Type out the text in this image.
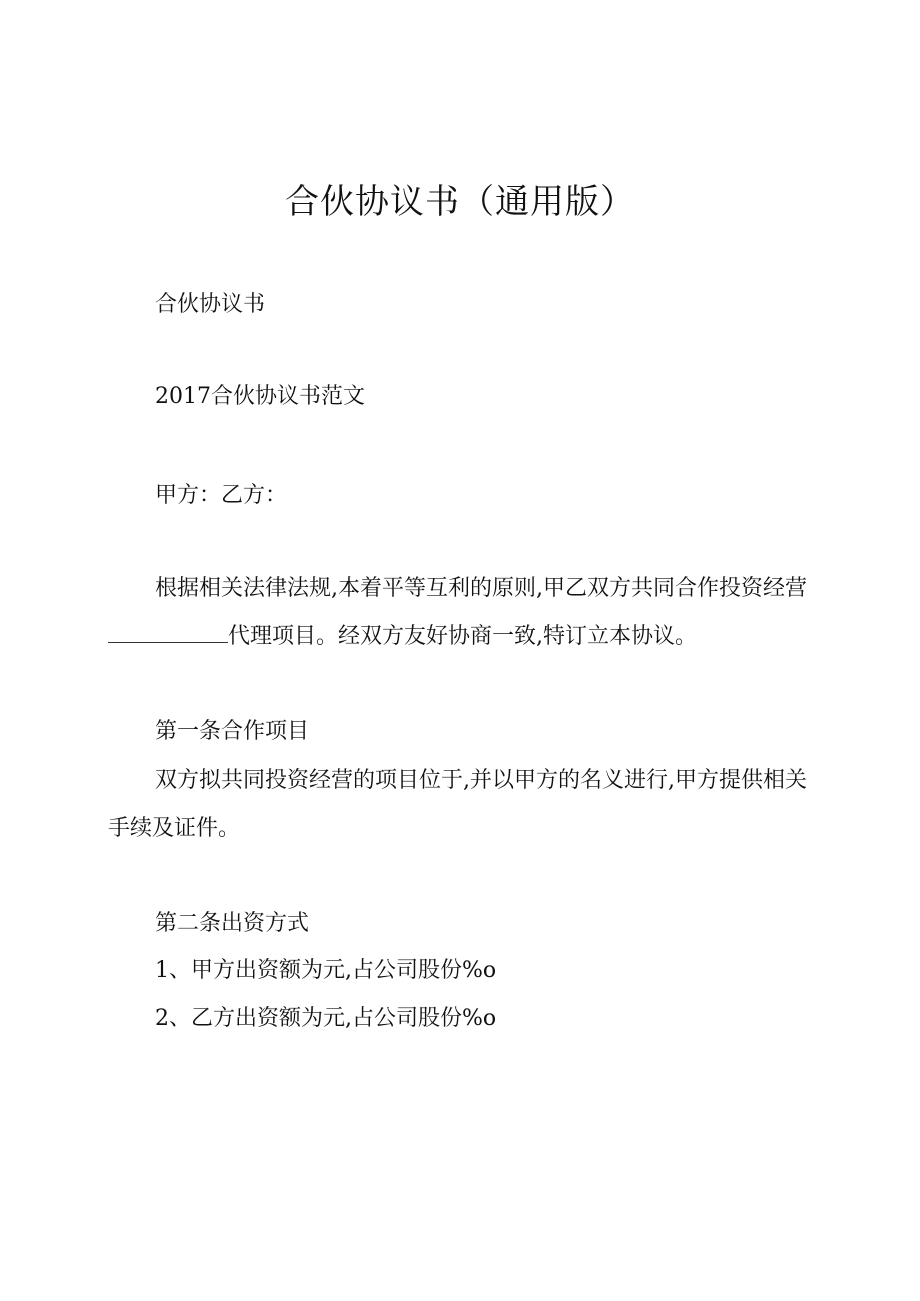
合伙协议书（通用版）

合伙协议书

2017合伙协议书范文

甲方：乙方：

根据相关法律法规,本着平等互利的原则,甲乙双方共同合作投资经营

代理项目。经双方友好协商一致,特订立本协议。

第一条合作项目

双方拟共同投资经营的项目位于,并以甲方的名义进行,甲方提供相关

手续及证件。

第二条出资方式

1、甲方出资额为元,占公司股份%o

2、乙方出资额为元,占公司股份%o
